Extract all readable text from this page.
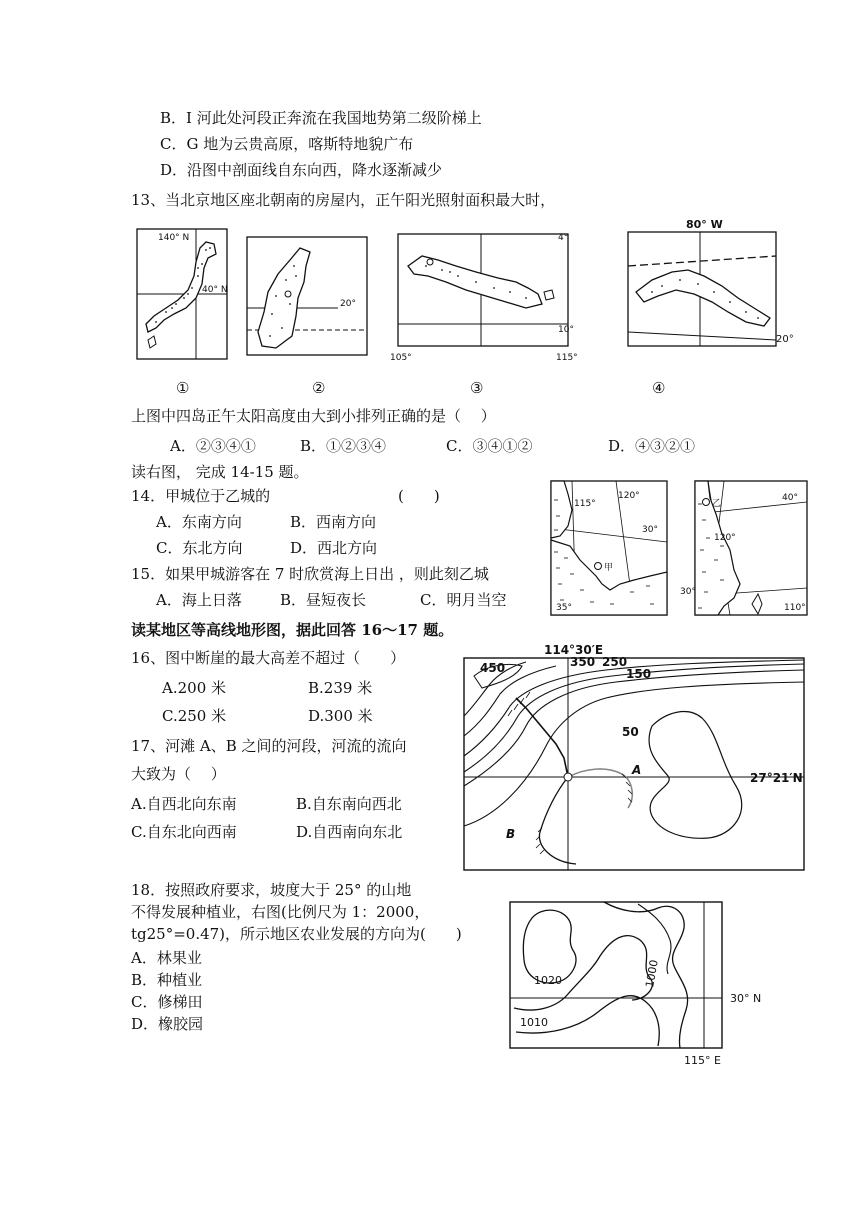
B．I 河此处河段正奔流在我国地势第二级阶梯上
C．G 地为云贵高原，喀斯特地貌广布
D．沿图中剖面线自东向西，降水逐渐减少
13、当北京地区座北朝南的房屋内，正午阳光照射面积最大时，
140° N
40° N
20°
4°
10°
105°	115°
80° W
20°
①	②	③	④
上图中四岛正午太阳高度由大到小排列正确的是（　 ）
A．②③④①	B．①②③④	C．③④①②	D．④③②①
读右图， 完成 14-15 题。
14．甲城位于乙城的	(　　)
A．东南方向	B．西南方向
C．东北方向	D．西北方向
15．如果甲城游客在 7 时欣赏海上日出 ，则此刻乙城
A．海上日落	B．昼短夜长	C．明月当空
115°
120°
30°
35°
甲
乙
40°
120°
30°
110°
读某地区等高线地形图，据此回答 16～17 题。
16、图中断崖的最大高差不超过（　　）
A.200 米	B.239 米
C.250 米	D.300 米
17、河滩 A、B 之间的河段，河流的流向
大致为（　 ）
A.自西北向东南	B.自东南向西北
C.自东北向西南	D.自西南向东北
114°30′E
27°21′N
450	350 250
150
50
A
B
18．按照政府要求，坡度大于 25° 的山地
不得发展种植业，右图(比例尺为 1：2000，
tg25°=0.47)，所示地区农业发展的方向为(　　)
A．林果业
B．种植业
C．修梯田
D．橡胶园
1020
1010
1000
30° N
115° E
